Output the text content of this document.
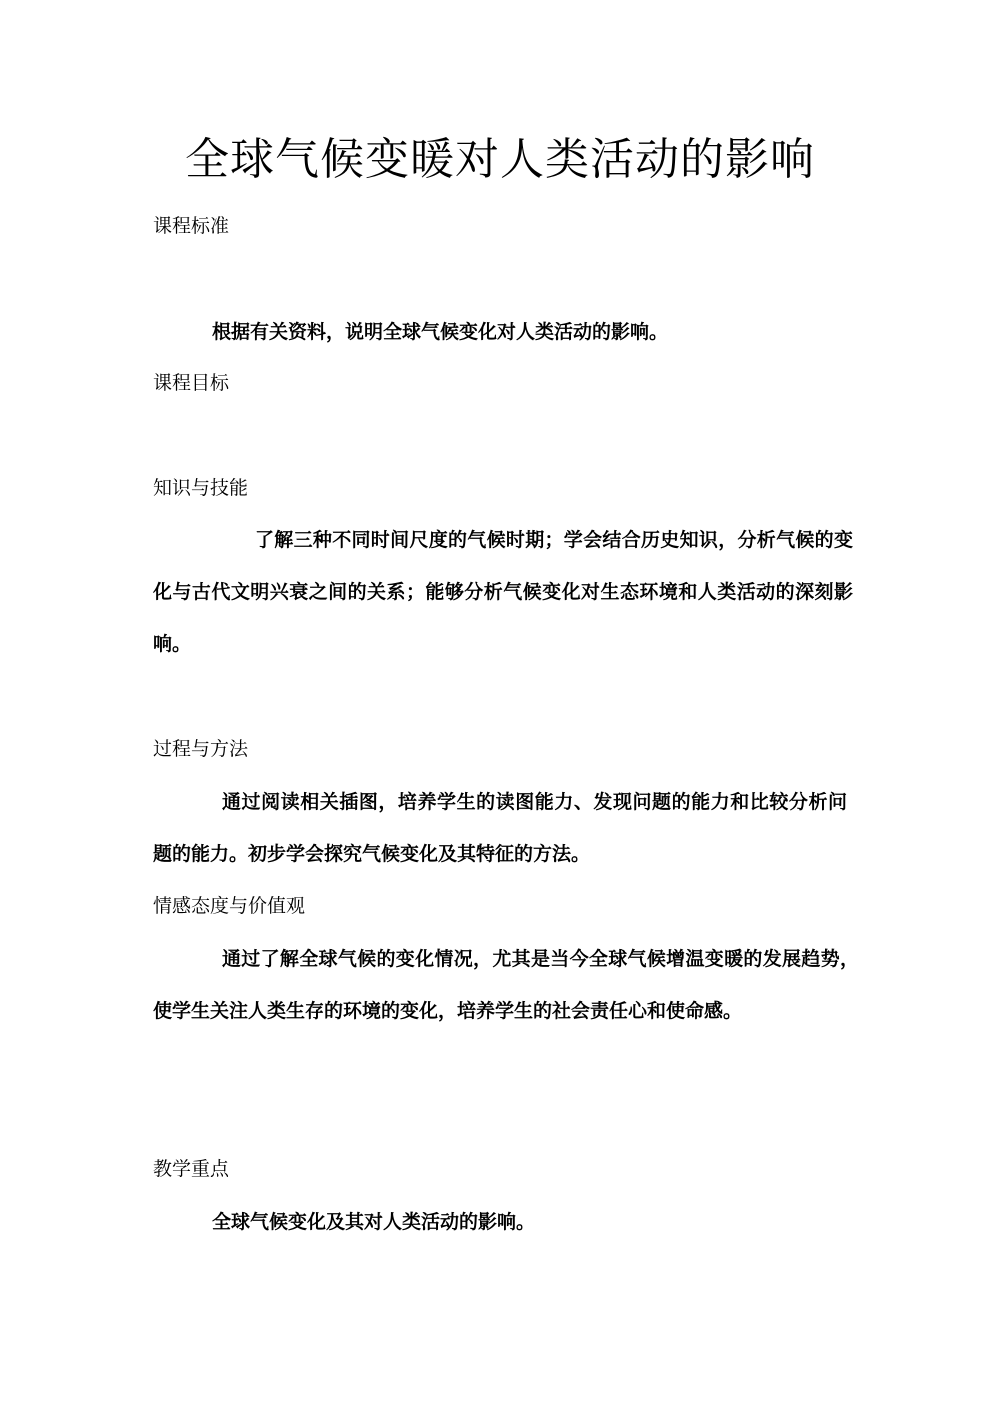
全球气候变暖对人类活动的影响
课程标准

根据有关资料，说明全球气候变化对人类活动的影响。

课程目标
知识与技能

了解三种不同时间尺度的气候时期；学会结合历史知识，分析气候的变化与古代文明兴衰之间的关系；能够分析气候变化对生态环境和人类活动的深刻影响。

过程与方法

通过阅读相关插图，培养学生的读图能力、发现问题的能力和比较分析问题的能力。初步学会探究气候变化及其特征的方法。

情感态度与价值观

通过了解全球气候的变化情况，尤其是当今全球气候增温变暖的发展趋势，使学生关注人类生存的环境的变化，培养学生的社会责任心和使命感。

教学重点

全球气候变化及其对人类活动的影响。
